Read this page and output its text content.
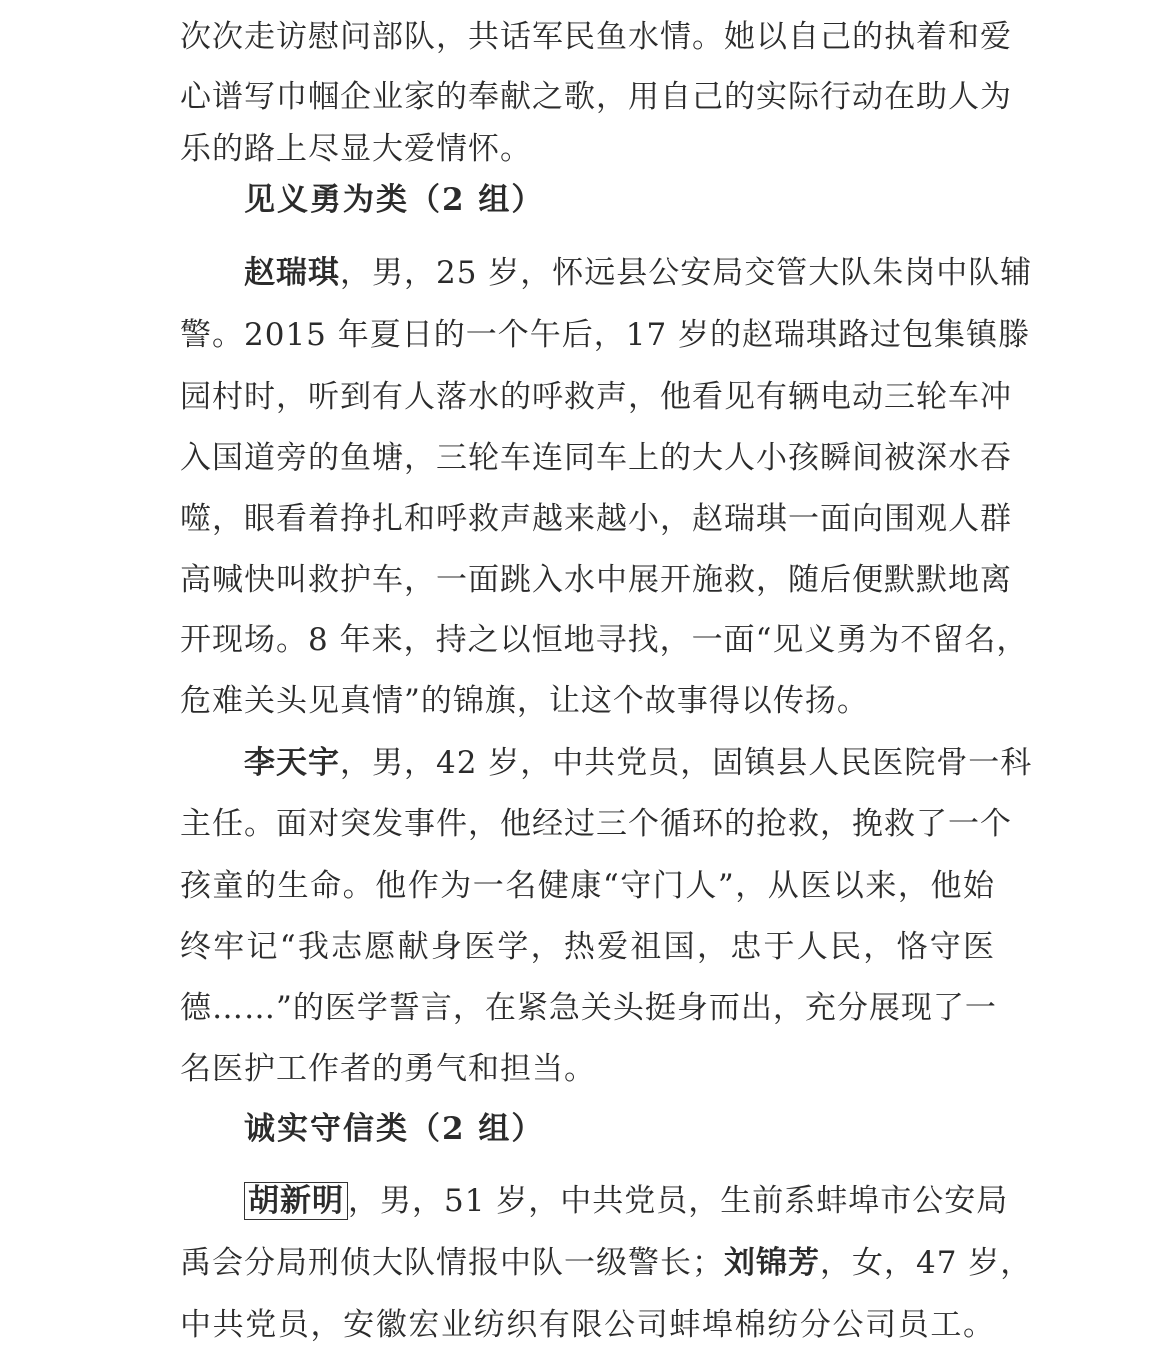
次次走访慰问部队，共话军民鱼水情。她以自己的执着和爱
心谱写巾帼企业家的奉献之歌，用自己的实际行动在助人为
乐的路上尽显大爱情怀。
见义勇为类（2 组）
赵瑞琪，男，25 岁，怀远县公安局交管大队朱岗中队辅
警。2015 年夏日的一个午后，17 岁的赵瑞琪路过包集镇滕
园村时，听到有人落水的呼救声，他看见有辆电动三轮车冲
入国道旁的鱼塘，三轮车连同车上的大人小孩瞬间被深水吞
噬，眼看着挣扎和呼救声越来越小，赵瑞琪一面向围观人群
高喊快叫救护车，一面跳入水中展开施救，随后便默默地离
开现场。8 年来，持之以恒地寻找，一面“见义勇为不留名，
危难关头见真情”的锦旗，让这个故事得以传扬。
李天宇，男，42 岁，中共党员，固镇县人民医院骨一科
主任。面对突发事件，他经过三个循环的抢救，挽救了一个
孩童的生命。他作为一名健康“守门人”，从医以来，他始
终牢记“我志愿献身医学，热爱祖国，忠于人民，恪守医
德……”的医学誓言，在紧急关头挺身而出，充分展现了一
名医护工作者的勇气和担当。
诚实守信类（2 组）
胡新明 ，男，51 岁，中共党员，生前系蚌埠市公安局
禹会分局刑侦大队情报中队一级警长；刘锦芳，女，47 岁，
中共党员，安徽宏业纺织有限公司蚌埠棉纺分公司员工。
